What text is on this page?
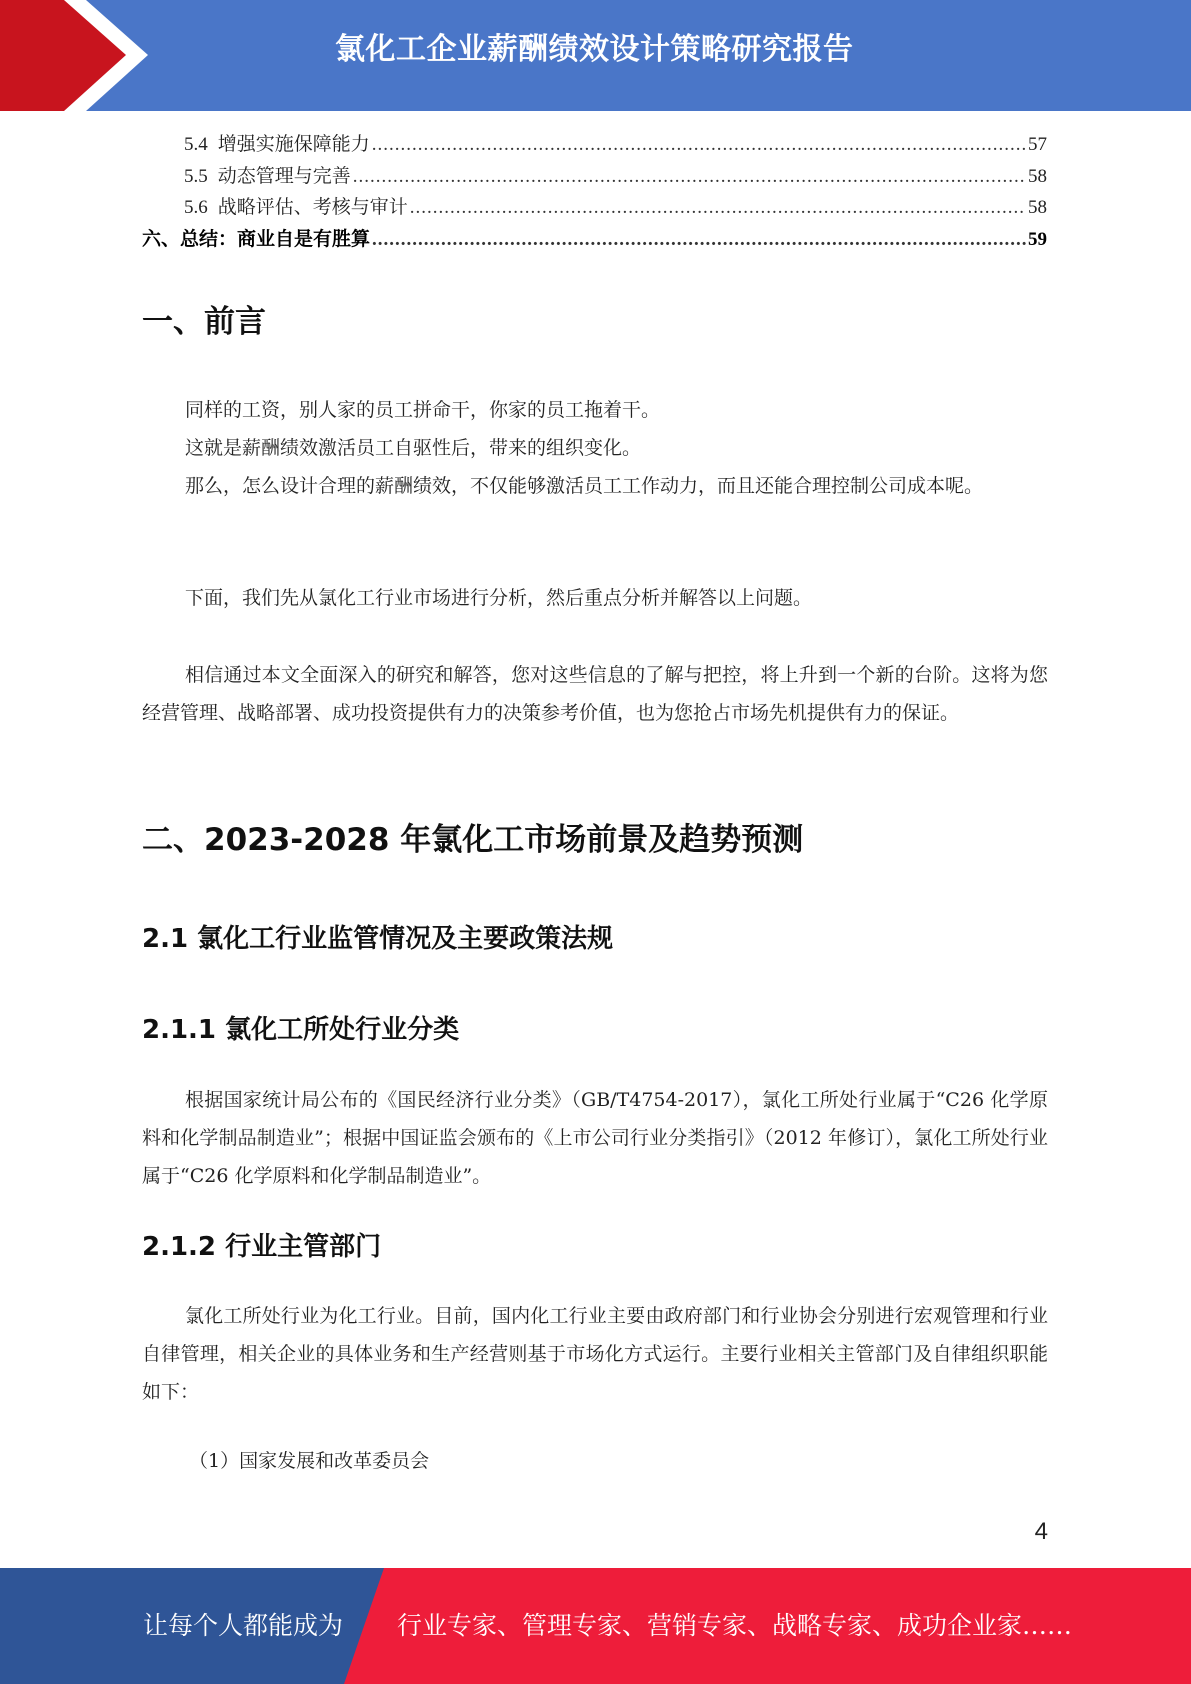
氯化工企业薪酬绩效设计策略研究报告
5.4 增强实施保障能力 .....	57
5.5 动态管理与完善 .....	58
5.6 战略评估、考核与审计 .....	58
六、总结：商业自是有胜算 .....	59
一、前言

同样的工资，别人家的员工拼命干，你家的员工拖着干。

这就是薪酬绩效激活员工自驱性后，带来的组织变化。

那么，怎么设计合理的薪酬绩效，不仅能够激活员工工作动力，而且还能合理控制公司成本呢。

下面，我们先从氯化工行业市场进行分析，然后重点分析并解答以上问题。

相信通过本文全面深入的研究和解答，您对这些信息的了解与把控，将上升到一个新的台阶。这将为您经营管理、战略部署、成功投资提供有力的决策参考价值，也为您抢占市场先机提供有力的保证。

二、2023-2028 年氯化工市场前景及趋势预测
2.1 氯化工行业监管情况及主要政策法规
2.1.1 氯化工所处行业分类

根据国家统计局公布的《国民经济行业分类》（GB/T4754-2017），氯化工所处行业属于“C26 化学原料和化学制品制造业”；根据中国证监会颁布的《上市公司行业分类指引》（2012 年修订），氯化工所处行业属于“C26 化学原料和化学制品制造业”。

2.1.2 行业主管部门

氯化工所处行业为化工行业。目前，国内化工行业主要由政府部门和行业协会分别进行宏观管理和行业自律管理，相关企业的具体业务和生产经营则基于市场化方式运行。主要行业相关主管部门及自律组织职能如下：

（1）国家发展和改革委员会

4
让每个人都能成为 行业专家、管理专家、营销专家、战略专家、成功企业家……
